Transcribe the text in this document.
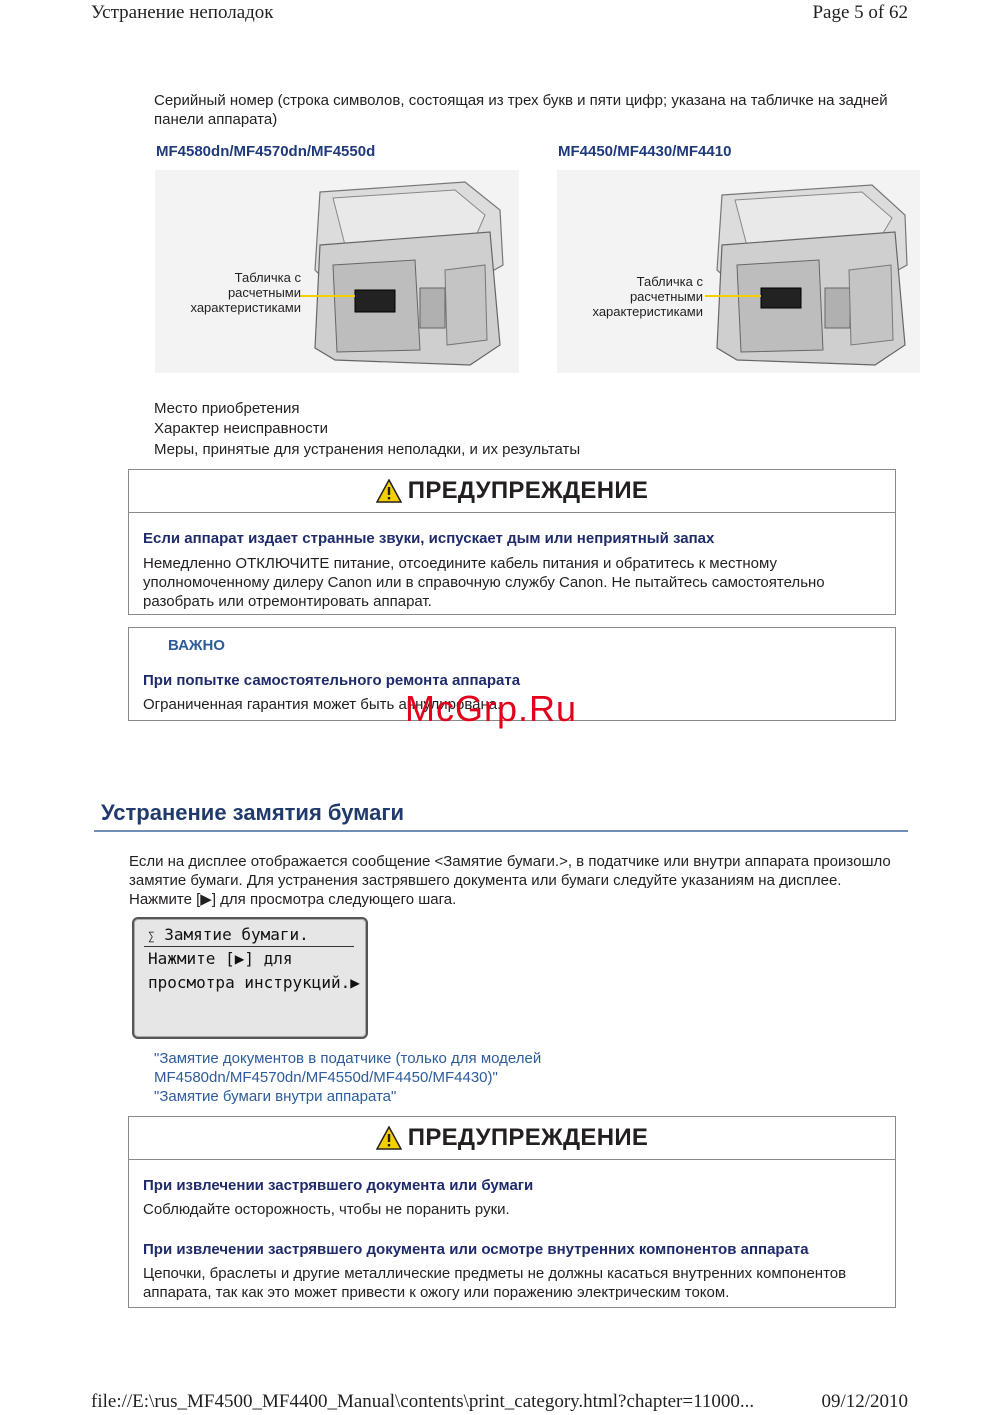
Устранение неполадок	Page 5 of 62
Серийный номер (строка символов, состоящая из трех букв и пяти цифр; указана на табличке на задней панели аппарата)
MF4580dn/MF4570dn/MF4550d	MF4450/MF4430/MF4410
Табличка с
расчетными
характеристиками
Табличка с
расчетными
характеристиками
Место приобретения
Характер неисправности
Меры, принятые для устранения неполадки, и их результаты
ПРЕДУПРЕЖДЕНИЕ
Если аппарат издает странные звуки, испускает дым или неприятный запах
Немедленно ОТКЛЮЧИТЕ питание, отсоедините кабель питания и обратитесь к местному уполномоченному дилеру Canon или в справочную службу Canon. Не пытайтесь самостоятельно разобрать или отремонтировать аппарат.
ВАЖНО
При попытке самостоятельного ремонта аппарата
Ограниченная гарантия может быть аннулирована.
McGrp.Ru
Устранение замятия бумаги
Если на дисплее отображается сообщение <Замятие бумаги.>, в податчике или внутри аппарата произошло замятие бумаги. Для устранения застрявшего документа или бумаги следуйте указаниям на дисплее. Нажмите [▶] для просмотра следующего шага.
∑ Замятие бумаги.
Нажмите [▶] для
просмотра инструкций.▶
"Замятие документов в податчике (только для моделей MF4580dn/MF4570dn/MF4550d/MF4450/MF4430)"
"Замятие бумаги внутри аппарата"
ПРЕДУПРЕЖДЕНИЕ
При извлечении застрявшего документа или бумаги
Соблюдайте осторожность, чтобы не поранить руки.
При извлечении застрявшего документа или осмотре внутренних компонентов аппарата
Цепочки, браслеты и другие металлические предметы не должны касаться внутренних компонентов аппарата, так как это может привести к ожогу или поражению электрическим током.
file://E:\rus_MF4500_MF4400_Manual\contents\print_category.html?chapter=11000...	09/12/2010
